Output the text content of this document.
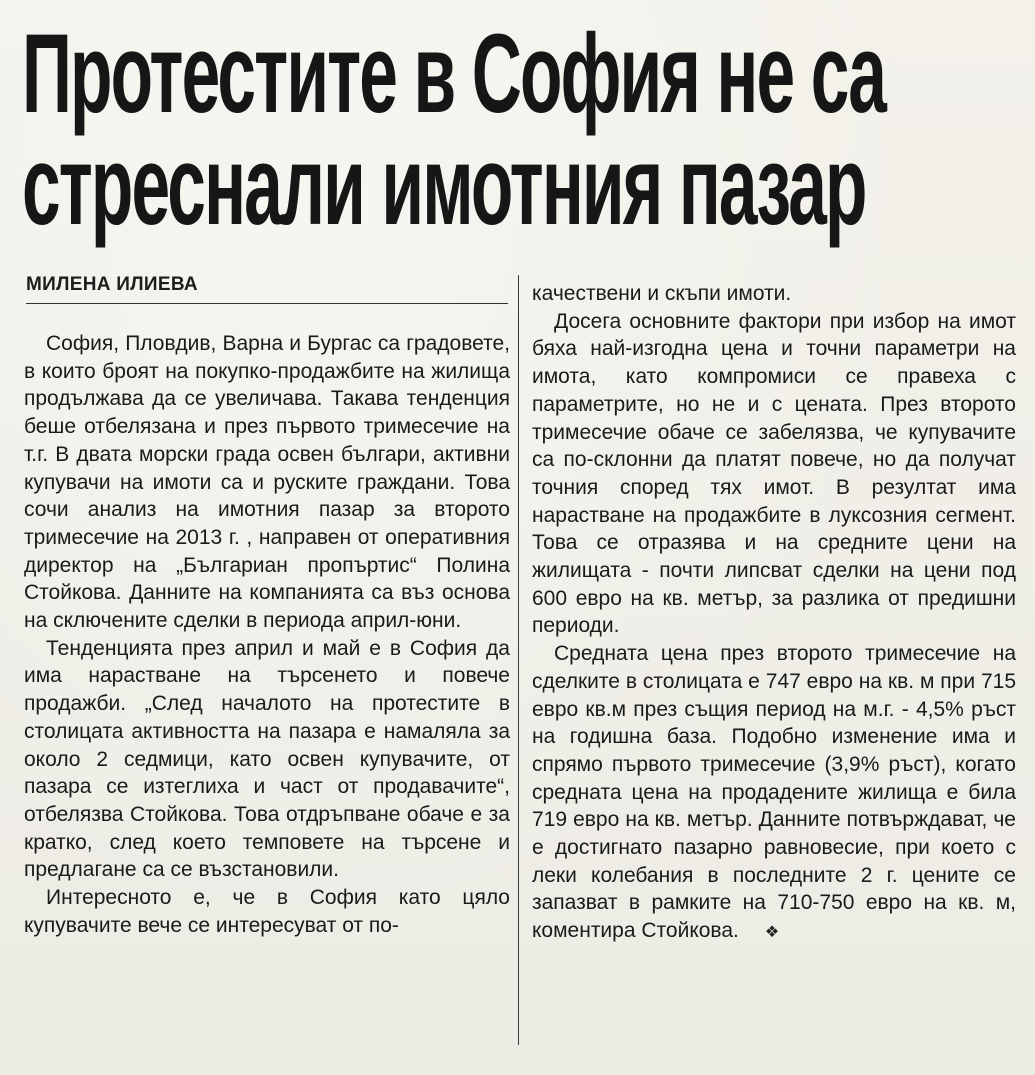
Протестите в София не са
стреснали имотния пазар
МИЛЕНА ИЛИЕВА

София, Пловдив, Варна и Бургас са градовете, в които броят на покупко-продажбите на жилища продължава да се увеличава. Такава тенденция беше отбелязана и през първото тримесечие на т.г. В двата морски града освен българи, активни купувачи на имоти са и руските граждани. Това сочи анализ на имотния пазар за второто тримесечие на 2013 г. , направен от оперативния директор на „Българиан пропъртис“ Полина Стойкова. Данните на компанията са въз основа на сключените сделки в периода април-юни.

Тенденцията през април и май е в София да има нарастване на търсенето и повече продажби. „След началото на протестите в столицата активността на пазара е намаляла за около 2 седмици, като освен купувачите, от пазара се изтеглиха и част от продавачите“, отбелязва Стойкова. Това отдръпване обаче е за кратко, след което темповете на търсене и предлагане са се възстановили.

Интересното е, че в София като цяло купувачите вече се интересуват от по-

качествени и скъпи имоти.

Досега основните фактори при избор на имот бяха най-изгодна цена и точни параметри на имота, като компромиси се правеха с параметрите, но не и с цената. През второто тримесечие обаче се забелязва, че купувачите са по-склонни да платят повече, но да получат точния според тях имот. В резултат има нарастване на продажбите в луксозния сегмент. Това се отразява и на средните цени на жилищата - почти липсват сделки на цени под 600 евро на кв. метър, за разлика от предишни периоди.

Средната цена през второто тримесечие на сделките в столицата е 747 евро на кв. м при 715 евро кв.м през същия период на м.г. - 4,5% ръст на годишна база. Подобно изменение има и спрямо първото тримесечие (3,9% ръст), когато средната цена на продадените жилища е била 719 евро на кв. метър. Данните потвърждават, че е достигнато пазарно равновесие, при което с леки колебания в последните 2 г. цените се запазват в рамките на 710-750 евро на кв. м, коментира Стойкова. ❖
